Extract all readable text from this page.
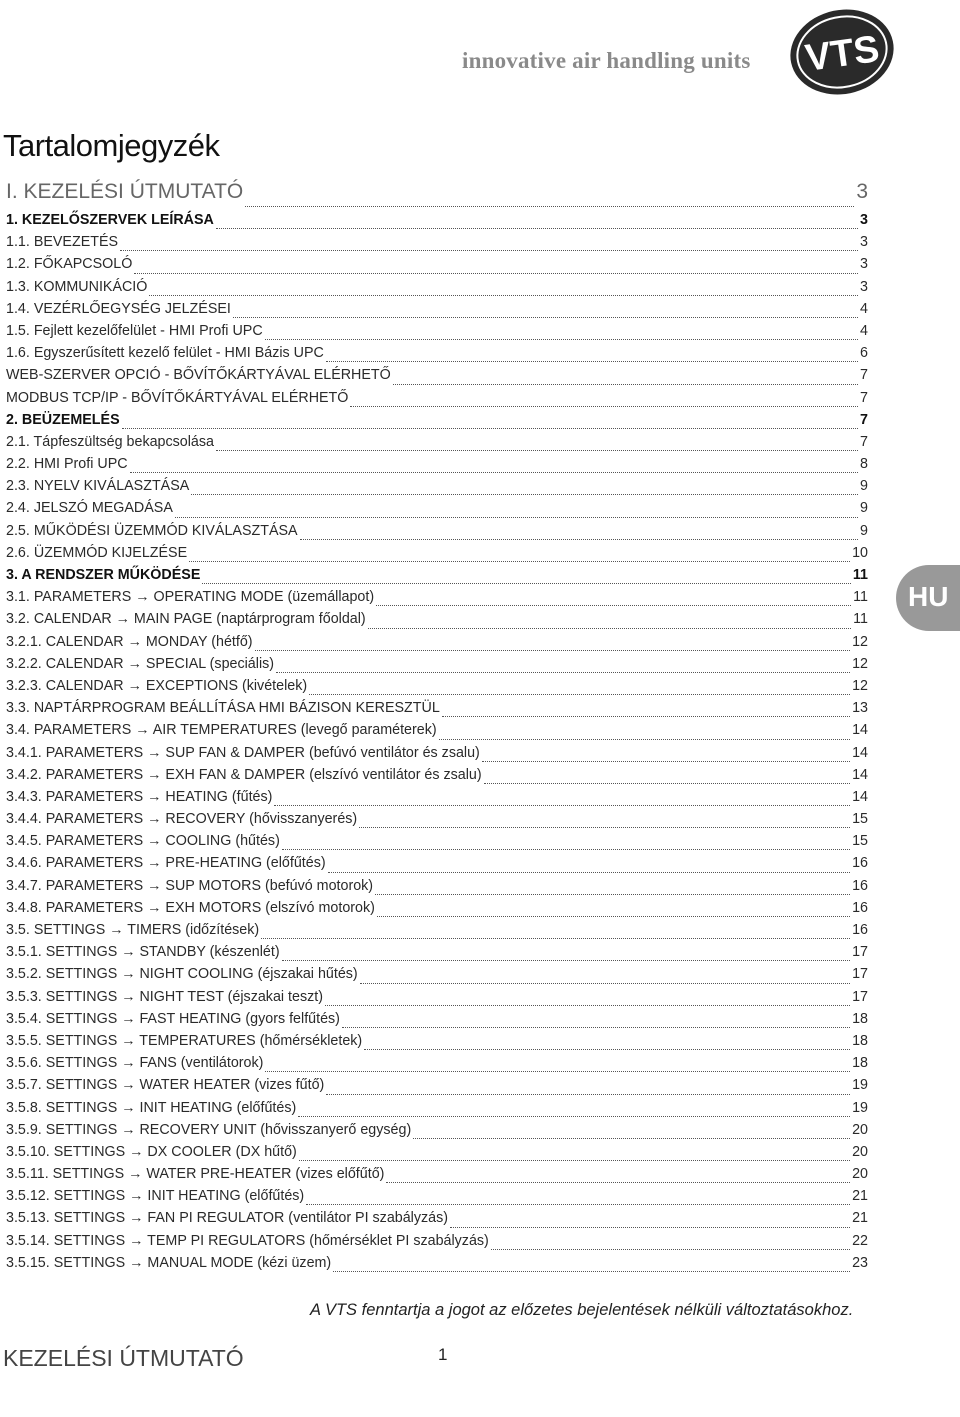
innovative air handling units VTS
Tartalomjegyzék
I. KEZELÉSI ÚTMUTATÓ	3
1. KEZELŐSZERVEK LEÍRÁSA	3
1.1. BEVEZETÉS	3
1.2. FŐKAPCSOLÓ	3
1.3. KOMMUNIKÁCIÓ	3
1.4. VEZÉRLŐEGYSÉG JELZÉSEI	4
1.5. Fejlett kezelőfelület - HMI Profi UPC	4
1.6. Egyszerűsített kezelő felület - HMI Bázis UPC	6
WEB-SZERVER OPCIÓ - BŐVÍTŐKÁRTYÁVAL ELÉRHETŐ	7
MODBUS TCP/IP - BŐVÍTŐKÁRTYÁVAL ELÉRHETŐ	7
2. BEÜZEMELÉS	7
2.1. Tápfeszültség bekapcsolása	7
2.2. HMI Profi UPC	8
2.3. NYELV KIVÁLASZTÁSA	9
2.4. JELSZÓ MEGADÁSA	9
2.5. MŰKÖDÉSI ÜZEMMÓD KIVÁLASZTÁSA	9
2.6. ÜZEMMÓD KIJELZÉSE	10
3. A RENDSZER MŰKÖDÉSE	11
3.1. PARAMETERS → OPERATING MODE (üzemállapot)	11
3.2. CALENDAR → MAIN PAGE (naptárprogram főoldal)	11
3.2.1. CALENDAR → MONDAY (hétfő)	12
3.2.2. CALENDAR → SPECIAL (speciális)	12
3.2.3. CALENDAR → EXCEPTIONS (kivételek)	12
3.3. NAPTÁRPROGRAM BEÁLLÍTÁSA HMI BÁZISON KERESZTÜL	13
3.4. PARAMETERS → AIR TEMPERATURES (levegő paraméterek)	14
3.4.1. PARAMETERS → SUP FAN & DAMPER (befúvó ventilátor és zsalu)	14
3.4.2. PARAMETERS → EXH FAN & DAMPER (elszívó ventilátor és zsalu)	14
3.4.3. PARAMETERS → HEATING (fűtés)	14
3.4.4. PARAMETERS → RECOVERY (hővisszanyerés)	15
3.4.5. PARAMETERS → COOLING (hűtés)	15
3.4.6. PARAMETERS → PRE-HEATING (előfűtés)	16
3.4.7. PARAMETERS → SUP MOTORS (befúvó motorok)	16
3.4.8. PARAMETERS → EXH MOTORS (elszívó motorok)	16
3.5. SETTINGS → TIMERS (időzítések)	16
3.5.1. SETTINGS → STANDBY (készenlét)	17
3.5.2. SETTINGS → NIGHT COOLING (éjszakai hűtés)	17
3.5.3. SETTINGS → NIGHT TEST (éjszakai teszt)	17
3.5.4. SETTINGS → FAST HEATING (gyors felfűtés)	18
3.5.5. SETTINGS → TEMPERATURES (hőmérsékletek)	18
3.5.6. SETTINGS → FANS (ventilátorok)	18
3.5.7. SETTINGS → WATER HEATER (vizes fűtő)	19
3.5.8. SETTINGS → INIT HEATING (előfűtés)	19
3.5.9. SETTINGS → RECOVERY UNIT (hővisszanyerő egység)	20
3.5.10. SETTINGS → DX COOLER (DX hűtő)	20
3.5.11. SETTINGS → WATER PRE-HEATER (vizes előfűtő)	20
3.5.12. SETTINGS → INIT HEATING (előfűtés)	21
3.5.13. SETTINGS → FAN PI REGULATOR (ventilátor PI szabályzás)	21
3.5.14. SETTINGS → TEMP PI REGULATORS (hőmérséklet PI szabályzás)	22
3.5.15. SETTINGS → MANUAL MODE (kézi üzem)	23
HU
A VTS fenntartja a jogot az előzetes bejelentések nélküli változtatásokhoz.
KEZELÉSI ÚTMUTATÓ	1
